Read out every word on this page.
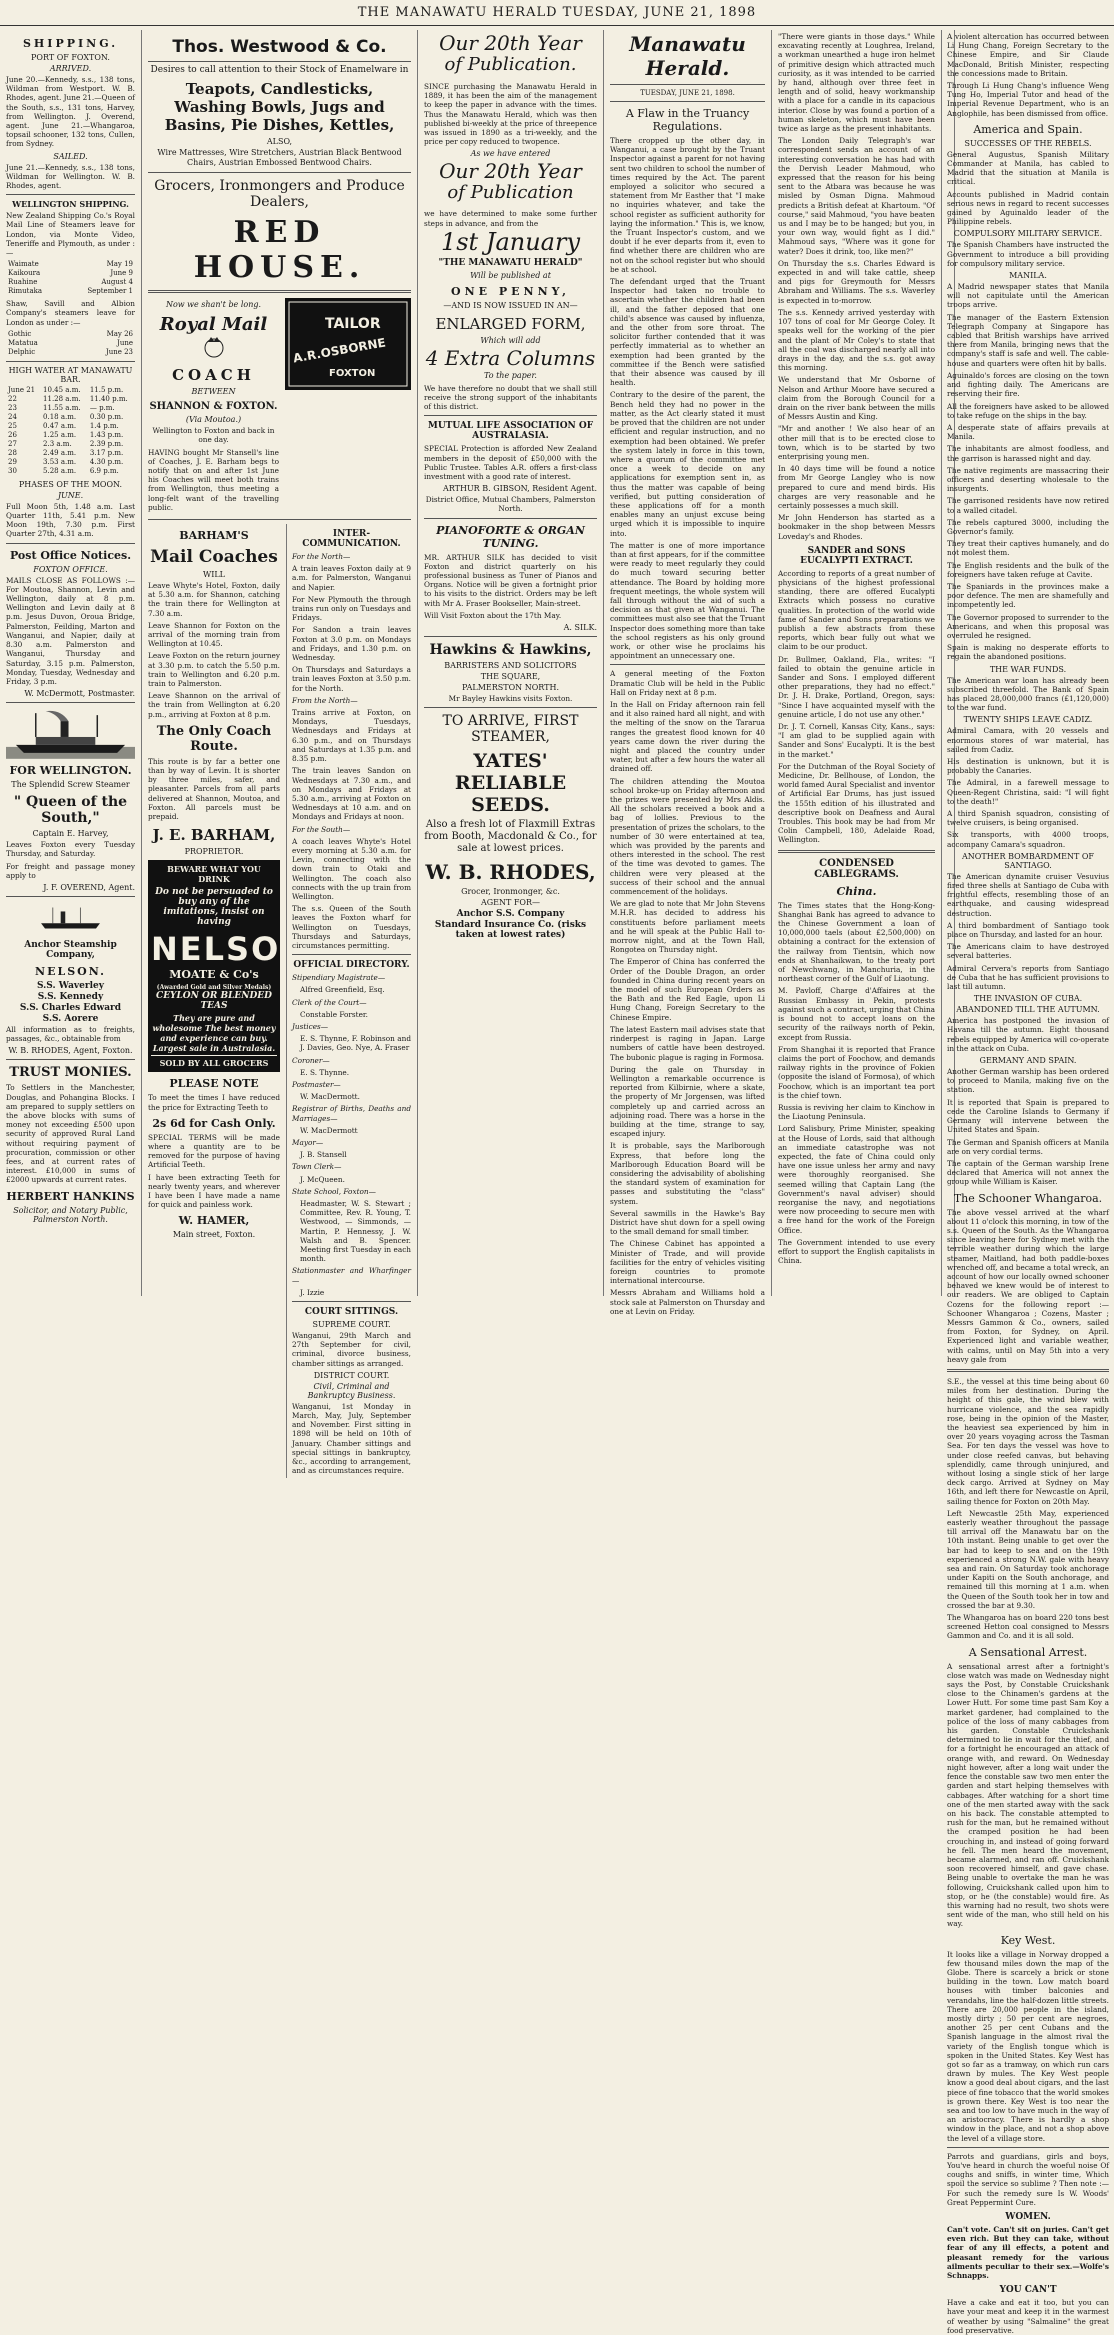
THE MANAWATU HERALD TUESDAY, JUNE 21, 1898
SHIPPING.
PORT OF FOXTON.
ARRIVED.
June 20.—Kennedy, s.s., 138 tons, Wildman from Westport. W. B. Rhodes, agent. June 21.—Queen of the South, s.s., 131 tons, Harvey, from Wellington. J. Overend, agent. June 21.—Whangaroa, topsail schooner, 132 tons, Cullen, from Sydney.
SAILED.
June 21.—Kennedy, s.s., 138 tons, Wildman for Wellington. W. B. Rhodes, agent.
WELLINGTON SHIPPING.
New Zealand Shipping Co.'s Royal Mail Line of Steamers leave for London, via Monte Video, Teneriffe and Plymouth, as under :—
Waimate	May 19
Kaikoura	June 9
Ruahine	August 4
Rimutaka	September 1
Shaw, Savill and Albion Company's steamers leave for London as under :—
Gothic	May 26
Matatua	June
Delphic	June 23
HIGH WATER AT MANAWATU BAR.
June 21	10.45 a.m.	11.5 p.m.
22	11.28 a.m.	11.40 p.m.
23	11.55 a.m.	— p.m.
24	0.18 a.m.	0.30 p.m.
25	0.47 a.m.	1.4 p.m.
26	1.25 a.m.	1.43 p.m.
27	2.3 a.m.	2.39 p.m.
28	2.49 a.m.	3.17 p.m.
29	3.53 a.m.	4.30 p.m.
30	5.28 a.m.	6.9 p.m.
PHASES OF THE MOON.
JUNE.
Full Moon 5th, 1.48 a.m. Last Quarter 11th, 5.41 p.m. New Moon 19th, 7.30 p.m. First Quarter 27th, 4.31 a.m.
Post Office Notices.
FOXTON OFFICE.
MAILS CLOSE AS FOLLOWS :— For Moutoa, Shannon, Levin and Wellington, daily at 8 p.m. Wellington and Levin daily at 8 p.m. Jesus Duvon, Oroua Bridge, Palmerston, Feilding, Marton and Wanganui, and Napier, daily at 8.30 a.m. Palmerston and Wanganui, Thursday and Saturday, 3.15 p.m. Palmerston, Monday, Tuesday, Wednesday and Friday, 3 p.m.
W. McDermott, Postmaster.
FOR WELLINGTON.
The Splendid Screw Steamer
" Queen of the South,"
Captain E. Harvey,
Leaves Foxton every Tuesday Thursday, and Saturday.
For freight and passage money apply to
J. F. OVEREND, Agent.
Anchor Steamship Company,
NELSON.
S.S. Waverley
S.S. Kennedy
S.S. Charles Edward
S.S. Aorere
All information as to freights, passages, &c., obtainable from
W. B. RHODES, Agent, Foxton.
TRUST MONIES.
To Settlers in the Manchester, Douglas, and Pohangina Blocks. I am prepared to supply settlers on the above blocks with sums of money not exceeding £500 upon security of approved Rural Land without requiring payment of procuration, commission or other fees, and at current rates of interest. £10,000 in sums of £2000 upwards at current rates.
HERBERT HANKINS
Solicitor, and Notary Public, Palmerston North.
Thos. Westwood & Co.
Desires to call attention to their Stock of Enamelware in
Teapots, Candlesticks, Washing Bowls, Jugs and Basins, Pie Dishes, Kettles,
ALSO,
Wire Mattresses, Wire Stretchers, Austrian Black Bentwood Chairs, Austrian Embossed Bentwood Chairs.
Grocers, Ironmongers and Produce Dealers,
RED HOUSE.
Now we shan't be long.
Royal Mail
COACH
BETWEEN
SHANNON & FOXTON.
(Via Moutoa.)
Wellington to Foxton and back in one day.
HAVING bought Mr Stansell's line of Coaches, J. E. Barham begs to notify that on and after 1st June his Coaches will meet both trains from Wellington, thus meeting a long-felt want of the travelling public.
TAILOR
A.R.OSBORNE
FOXTON
BARHAM'S
Mail Coaches
WILL
Leave Whyte's Hotel, Foxton, daily at 5.30 a.m. for Shannon, catching the train there for Wellington at 7.30 a.m.
Leave Shannon for Foxton on the arrival of the morning train from Wellington at 10.45.
Leave Foxton on the return journey at 3.30 p.m. to catch the 5.50 p.m. train to Wellington and 6.20 p.m. train to Palmerston.
Leave Shannon on the arrival of the train from Wellington at 6.20 p.m., arriving at Foxton at 8 p.m.
The Only Coach Route.
This route is by far a better one than by way of Levin. It is shorter by three miles, safer, and pleasanter. Parcels from all parts delivered at Shannon, Moutoa, and Foxton. All parcels must be prepaid.
J. E. BARHAM,
PROPRIETOR.
BEWARE WHAT YOU DRINK
Do not be persuaded to buy any of the imitations, insist on having
NELSON
MOATE & Co's
(Awarded Gold and Silver Medals)
CEYLON OR BLENDED TEAS
They are pure and wholesome The best money and experience can buy. Largest sale in Australasia.
SOLD BY ALL GROCERS
PLEASE NOTE
To meet the times I have reduced the price for Extracting Teeth to
2s 6d for Cash Only.
SPECIAL TERMS will be made where a quantity are to be removed for the purpose of having Artificial Teeth.
I have been extracting Teeth for nearly twenty years, and wherever I have been I have made a name for quick and painless work.
W. HAMER,
Main street, Foxton.
INTER-COMMUNICATION.
For the North—
A train leaves Foxton daily at 9 a.m. for Palmerston, Wanganui and Napier.
For New Plymouth the through trains run only on Tuesdays and Fridays.
For Sandon a train leaves Foxton at 3.0 p.m. on Mondays and Fridays, and 1.30 p.m. on Wednesday.
On Thursdays and Saturdays a train leaves Foxton at 3.50 p.m. for the North.
From the North—
Trains arrive at Foxton, on Mondays, Tuesdays, Wednesdays and Fridays at 6.30 p.m., and on Thursdays and Saturdays at 1.35 p.m. and 8.35 p.m.
The train leaves Sandon on Wednesdays at 7.30 a.m., and on Mondays and Fridays at 5.30 a.m., arriving at Foxton on Wednesdays at 10 a.m. and on Mondays and Fridays at noon.
For the South—
A coach leaves Whyte's Hotel every morning at 5.30 a.m. for Levin, connecting with the down train to Otaki and Wellington. The coach also connects with the up train from Wellington.
The s.s. Queen of the South leaves the Foxton wharf for Wellington on Tuesdays, Thursdays and Saturdays, circumstances permitting.
OFFICIAL DIRECTORY.
Stipendiary Magistrate—
Alfred Greenfield, Esq.
Clerk of the Court—
Constable Forster.
Justices—
E. S. Thynne, F. Robinson and J. Davies, Geo. Nye, A. Fraser
Coroner—
E. S. Thynne.
Postmaster—
W. MacDermott.
Registrar of Births, Deaths and Marriages—
W. MacDermott
Mayor—
J. B. Stansell
Town Clerk—
J. McQueen.
State School, Foxton—
Headmaster, W. S. Stewart ; Committee, Rev. R. Young, T. Westwood, — Simmonds, — Martin, P. Hennessy, J. W. Walsh and B. Spencer. Meeting first Tuesday in each month.
Stationmaster and Wharfinger—
J. Izzie
COURT SITTINGS.
SUPREME COURT.
Wanganui, 29th March and 27th September for civil, criminal, divorce business, chamber sittings as arranged.
DISTRICT COURT.
Civil, Criminal and Bankruptcy Business.
Wanganui, 1st Monday in March, May, July, September and November. First sitting in 1898 will be held on 10th of January. Chamber sittings and special sittings in bankruptcy, &c., according to arrangement, and as circumstances require.
Our 20th Year
of Publication.
SINCE purchasing the Manawatu Herald in 1889, it has been the aim of the management to keep the paper in advance with the times. Thus the Manawatu Herald, which was then published bi-weekly at the price of threepence was issued in 1890 as a tri-weekly, and the price per copy reduced to twopence.
As we have entered
Our 20th Year
of Publication
we have determined to make some further steps in advance, and from the
1st January
"THE MANAWATU HERALD"
Will be published at
ONE PENNY,
—AND IS NOW ISSUED IN AN—
ENLARGED FORM,
Which will add
4 Extra Columns
To the paper.
We have therefore no doubt that we shall still receive the strong support of the inhabitants of this district.
MUTUAL LIFE ASSOCIATION OF AUSTRALASIA.
SPECIAL Protection is afforded New Zealand members in the deposit of £50,000 with the Public Trustee. Tables A.R. offers a first-class investment with a good rate of interest.
ARTHUR B. GIBSON, Resident Agent.
District Office, Mutual Chambers, Palmerston North.
PIANOFORTE & ORGAN TUNING.
MR. ARTHUR SILK has decided to visit Foxton and district quarterly on his professional business as Tuner of Pianos and Organs. Notice will be given a fortnight prior to his visits to the district. Orders may be left with Mr A. Fraser Bookseller, Main-street.
Will Visit Foxton about the 17th May.
A. SILK.
Hawkins & Hawkins,
BARRISTERS AND SOLICITORS
THE SQUARE,
PALMERSTON NORTH.
Mr Bayley Hawkins visits Foxton.
TO ARRIVE, FIRST STEAMER,
YATES' RELIABLE SEEDS.
Also a fresh lot of Flaxmill Extras from Booth, Macdonald & Co., for sale at lowest prices.
W. B. RHODES,
Grocer, Ironmonger, &c.
AGENT FOR—
Anchor S.S. Company
Standard Insurance Co. (risks taken at lowest rates)
Manawatu Herald.
TUESDAY, JUNE 21, 1898.
A Flaw in the Truancy Regulations.
There cropped up the other day, in Wanganui, a case brought by the Truant Inspector against a parent for not having sent two children to school the number of times required by the Act. The parent employed a solicitor who secured a statement from Mr Easther that "I make no inquiries whatever, and take the school register as sufficient authority for laying the information." This is, we know, the Truant Inspector's custom, and we doubt if he ever departs from it, even to find whether there are children who are not on the school register but who should be at school.
The defendant urged that the Truant Inspector had taken no trouble to ascertain whether the children had been ill, and the father deposed that one child's absence was caused by influenza, and the other from sore throat. The solicitor further contended that it was perfectly immaterial as to whether an exemption had been granted by the committee if the Bench were satisfied that their absence was caused by ill health.
Contrary to the desire of the parent, the Bench held they had no power in the matter, as the Act clearly stated it must be proved that the children are not under efficient and regular instruction, and no exemption had been obtained. We prefer the system lately in force in this town, where a quorum of the committee met once a week to decide on any applications for exemption sent in, as thus the matter was capable of being verified, but putting consideration of these applications off for a month enables many an unjust excuse being urged which it is impossible to inquire into.
The matter is one of more importance than at first appears, for if the committee were ready to meet regularly they could do much toward securing better attendance. The Board by holding more frequent meetings, the whole system will fall through without the aid of such a decision as that given at Wanganui. The committees must also see that the Truant Inspector does something more than take the school registers as his only ground work, or other wise he proclaims his appointment an unnecessary one.
A general meeting of the Foxton Dramatic Club will be held in the Public Hall on Friday next at 8 p.m.
In the Hall on Friday afternoon rain fell and it also rained hard all night, and with the melting of the snow on the Tararua ranges the greatest flood known for 40 years came down the river during the night and placed the country under water, but after a few hours the water all drained off.
The children attending the Moutoa school broke-up on Friday afternoon and the prizes were presented by Mrs Aldis. All the scholars received a book and a bag of lollies. Previous to the presentation of prizes the scholars, to the number of 30 were entertained at tea, which was provided by the parents and others interested in the school. The rest of the time was devoted to games. The children were very pleased at the success of their school and the annual commencement of the holidays.
We are glad to note that Mr John Stevens M.H.R. has decided to address his constituents before parliament meets and he will speak at the Public Hall to-morrow night, and at the Town Hall, Rongotea on Thursday night.
The Emperor of China has conferred the Order of the Double Dragon, an order founded in China during recent years on the model of such European Orders as the Bath and the Red Eagle, upon Li Hung Chang, Foreign Secretary to the Chinese Empire.
The latest Eastern mail advises state that rinderpest is raging in Japan. Large numbers of cattle have been destroyed. The bubonic plague is raging in Formosa.
During the gale on Thursday in Wellington a remarkable occurrence is reported from Kilbirnie, where a skate, the property of Mr Jorgensen, was lifted completely up and carried across an adjoining road. There was a horse in the building at the time, strange to say, escaped injury.
It is probable, says the Marlborough Express, that before long the Marlborough Education Board will be considering the advisability of abolishing the standard system of examination for passes and substituting the "class" system.
Several sawmills in the Hawke's Bay District have shut down for a spell owing to the small demand for small timber.
The Chinese Cabinet has appointed a Minister of Trade, and will provide facilities for the entry of vehicles visiting foreign countries to promote international intercourse.
Messrs Abraham and Williams hold a stock sale at Palmerston on Thursday and one at Levin on Friday.
"There were giants in those days." While excavating recently at Loughrea, Ireland, a workman unearthed a huge iron helmet of primitive design which attracted much curiosity, as it was intended to be carried by hand, although over three feet in length and of solid, heavy workmanship with a place for a candle in its capacious interior. Close by was found a portion of a human skeleton, which must have been twice as large as the present inhabitants.
The London Daily Telegraph's war correspondent sends an account of an interesting conversation he has had with the Dervish Leader Mahmoud, who expressed that the reason for his being sent to the Atbara was because he was misled by Osman Digna. Mahmoud predicts a British defeat at Khartoum. "Of course," said Mahmoud, "you have beaten us and I may be to be hanged; but you, in your own way, would fight as I did." Mahmoud says, "Where was it gone for water? Does it drink, too, like men?"
On Thursday the s.s. Charles Edward is expected in and will take cattle, sheep and pigs for Greymouth for Messrs Abraham and Williams. The s.s. Waverley is expected in to-morrow.
The s.s. Kennedy arrived yesterday with 107 tons of coal for Mr George Coley. It speaks well for the working of the pier and the plant of Mr Coley's to state that all the coal was discharged nearly all into drays in the day, and the s.s. got away this morning.
We understand that Mr Osborne of Nelson and Arthur Moore have secured a claim from the Borough Council for a drain on the river bank between the mills of Messrs Austin and King.
"Mr and another ! We also hear of an other mill that is to be erected close to town, which is to be started by two enterprising young men.
In 40 days time will be found a notice from Mr George Langley who is now prepared to cure and mend birds. His charges are very reasonable and he certainly possesses a much skill.
Mr John Henderson has started as a bookmaker in the shop between Messrs Loveday's and Rhodes.
SANDER and SONS EUCALYPTI EXTRACT.
According to reports of a great number of physicians of the highest professional standing, there are offered Eucalypti Extracts which possess no curative qualities. In protection of the world wide fame of Sander and Sons preparations we publish a few abstracts from these reports, which bear fully out what we claim to be our product.
Dr. Bullmer, Oakland, Fla., writes: "I failed to obtain the genuine article in Sander and Sons. I employed different other preparations, they had no effect." Dr. J. H. Drake, Portland, Oregon, says: "Since I have acquainted myself with the genuine article, I do not use any other."
Dr. J. T. Cornell, Kansas City, Kans., says: "I am glad to be supplied again with Sander and Sons' Eucalypti. It is the best in the market."
For the Dutchman of the Royal Society of Medicine, Dr. Bellhouse, of London, the world famed Aural Specialist and inventor of Artificial Ear Drums, has just issued the 155th edition of his illustrated and descriptive book on Deafness and Aural Troubles. This book may be had from Mr Colin Campbell, 180, Adelaide Road, Wellington.
CONDENSED CABLEGRAMS.
China.
The Times states that the Hong-Kong-Shanghai Bank has agreed to advance to the Chinese Government a loan of 10,000,000 taels (about £2,500,000) on obtaining a contract for the extension of the railway from Tientsin, which now ends at Shanhaikwan, to the treaty port of Newchwang, in Manchuria, in the northeast corner of the Gulf of Liaotung.
M. Pavloff, Charge d'Affaires at the Russian Embassy in Pekin, protests against such a contract, urging that China is bound not to accept loans on the security of the railways north of Pekin, except from Russia.
From Shanghai it is reported that France claims the port of Foochow, and demands railway rights in the province of Fokien (opposite the island of Formosa), of which Foochow, which is an important tea port is the chief town.
Russia is reviving her claim to Kinchow in the Liaotung Peninsula.
Lord Salisbury, Prime Minister, speaking at the House of Lords, said that although an immediate catastrophe was not expected, the fate of China could only have one issue unless her army and navy were thoroughly reorganised. She seemed willing that Captain Lang (the Government's naval adviser) should reorganise the navy, and negotiations were now proceeding to secure men with a free hand for the work of the Foreign Office.
The Government intended to use every effort to support the English capitalists in China.
A violent altercation has occurred between Li Hung Chang, Foreign Secretary to the Chinese Empire, and Sir Claude MacDonald, British Minister, respecting the concessions made to Britain.
Through Li Hung Chang's influence Weng Tung Ho, Imperial Tutor and head of the Imperial Revenue Department, who is an Anglophile, has been dismissed from office.
America and Spain.
SUCCESSES OF THE REBELS.
General Augustus, Spanish Military Commander at Manila, has cabled to Madrid that the situation at Manila is critical.
Accounts published in Madrid contain serious news in regard to recent successes gained by Aguinaldo leader of the Philippine rebels.
COMPULSORY MILITARY SERVICE.
The Spanish Chambers have instructed the Government to introduce a bill providing for compulsory military service.
MANILA.
A Madrid newspaper states that Manila will not capitulate until the American troops arrive.
The manager of the Eastern Extension Telegraph Company at Singapore has cabled that British warships have arrived there from Manila, bringing news that the company's staff is safe and well. The cable-house and quarters were often hit by balls.
Aguinaldo's forces are closing on the town and fighting daily. The Americans are reserving their fire.
All the foreigners have asked to be allowed to take refuge on the ships in the bay.
A desperate state of affairs prevails at Manila.
The inhabitants are almost foodless, and the garrison is harassed night and day.
The native regiments are massacring their officers and deserting wholesale to the insurgents.
The garrisoned residents have now retired to a walled citadel.
The rebels captured 3000, including the Governor's family.
They treat their captives humanely, and do not molest them.
The English residents and the bulk of the foreigners have taken refuge at Cavite.
The Spaniards in the provinces make a poor defence. The men are shamefully and incompetently led.
The Governor proposed to surrender to the Americans, and when this proposal was overruled he resigned.
Spain is making no desperate efforts to regain the abandoned positions.
THE WAR FUNDS.
The American war loan has already been subscribed threefold. The Bank of Spain has placed 28,000,000 francs (£1,120,000) to the war fund.
TWENTY SHIPS LEAVE CADIZ.
Admiral Camara, with 20 vessels and enormous stores of war material, has sailed from Cadiz.
His destination is unknown, but it is probably the Canaries.
The Admiral, in a farewell message to Queen-Regent Christina, said: "I will fight to the death!"
A third Spanish squadron, consisting of twelve cruisers, is being organised.
Six transports, with 4000 troops, accompany Camara's squadron.
ANOTHER BOMBARDMENT OF SANTIAGO.
The American dynamite cruiser Vesuvius fired three shells at Santiago de Cuba with frightful effects, resembling those of an earthquake, and causing widespread destruction.
A third bombardment of Santiago took place on Thursday, and lasted for an hour.
The Americans claim to have destroyed several batteries.
Admiral Cervera's reports from Santiago de Cuba that he has sufficient provisions to last till autumn.
THE INVASION OF CUBA.
ABANDONED TILL THE AUTUMN.
America has postponed the invasion of Havana till the autumn. Eight thousand rebels equipped by America will co-operate in the attack on Cuba.
GERMANY AND SPAIN.
Another German warship has been ordered to proceed to Manila, making five on the station.
It is reported that Spain is prepared to cede the Caroline Islands to Germany if Germany will intervene between the United States and Spain.
The German and Spanish officers at Manila are on very cordial terms.
The captain of the German warship Irene declared that America will not annex the group while William is Kaiser.
The Schooner Whangaroa.
The above vessel arrived at the wharf about 11 o'clock this morning, in tow of the s.s. Queen of the South. As the Whangaroa since leaving here for Sydney met with the terrible weather during which the large steamer, Maitland, had both paddle-boxes wrenched off, and became a total wreck, an account of how our locally owned schooner behaved we knew would be of interest to our readers. We are obliged to Captain Cozens for the following report :— Schooner Whangaroa ; Cozens, Master ; Messrs Gammon & Co., owners, sailed from Foxton, for Sydney, on April. Experienced light and variable weather, with calms, until on May 5th into a very heavy gale from
S.E., the vessel at this time being about 60 miles from her destination. During the height of this gale, the wind blew with hurricane violence, and the sea rapidly rose, being in the opinion of the Master, the heaviest sea experienced by him in over 20 years voyaging across the Tasman Sea. For ten days the vessel was hove to under close reefed canvas, but behaving splendidly, came through uninjured, and without losing a single stick of her large deck cargo. Arrived at Sydney on May 16th, and left there for Newcastle on April, sailing thence for Foxton on 20th May.
Left Newcastle 25th May, experienced easterly weather throughout the passage till arrival off the Manawatu bar on the 10th instant. Being unable to get over the bar had to keep to sea and on the 19th experienced a strong N.W. gale with heavy sea and rain. On Saturday took anchorage under Kapiti on the South anchorage, and remained till this morning at 1 a.m. when the Queen of the South took her in tow and crossed the bar at 9.30.
The Whangaroa has on board 220 tons best screened Hetton coal consigned to Messrs Gammon and Co. and it is all sold.
A Sensational Arrest.
A sensational arrest after a fortnight's close watch was made on Wednesday night says the Post, by Constable Cruickshank close to the Chinamen's gardens at the Lower Hutt. For some time past Sam Koy a market gardener, had complained to the police of the loss of many cabbages from his garden. Constable Cruickshank determined to lie in wait for the thief, and for a fortnight he encouraged an attack of orange with, and reward. On Wednesday night however, after a long wait under the fence the constable saw two men enter the garden and start helping themselves with cabbages. After watching for a short time one of the men started away with the sack on his back. The constable attempted to rush for the man, but he remained without the cramped position he had been crouching in, and instead of going forward he fell. The men heard the movement, became alarmed, and ran off. Cruickshank soon recovered himself, and gave chase. Being unable to overtake the man he was following, Cruickshank called upon him to stop, or he (the constable) would fire. As this warning had no result, two shots were sent wide of the man, who still held on his way.
Key West.
It looks like a village in Norway dropped a few thousand miles down the map of the Globe. There is scarcely a brick or stone building in the town. Low match board houses with timber balconies and verandahs, line the half-dozen little streets. There are 20,000 people in the island, mostly dirty ; 50 per cent are negroes, another 25 per cent Cubans and the Spanish language in the almost rival the variety of the English tongue which is spoken in the United States. Key West has got so far as a tramway, on which run cars drawn by mules. The Key West people know a good deal about cigars, and the last piece of fine tobacco that the world smokes is grown there. Key West is too near the sea and too low to have much in the way of an aristocracy. There is hardly a shop window in the place, and not a shop above the level of a village store.
Parrots and guardians, girls and boys, You've heard in church the woeful noise Of coughs and sniffs, in winter time, Which spoil the service so sublime ? Then note :—For such the remedy sure Is W. Woods' Great Peppermint Cure.
WOMEN.
Can't vote. Can't sit on juries. Can't get even rich. But they can take, without fear of any ill effects, a potent and pleasant remedy for the various ailments peculiar to their sex.—Wolfe's Schnapps.
YOU CAN'T
Have a cake and eat it too, but you can have your meat and keep it in the warmest of weather by using "Salmaline" the great food preservative.
